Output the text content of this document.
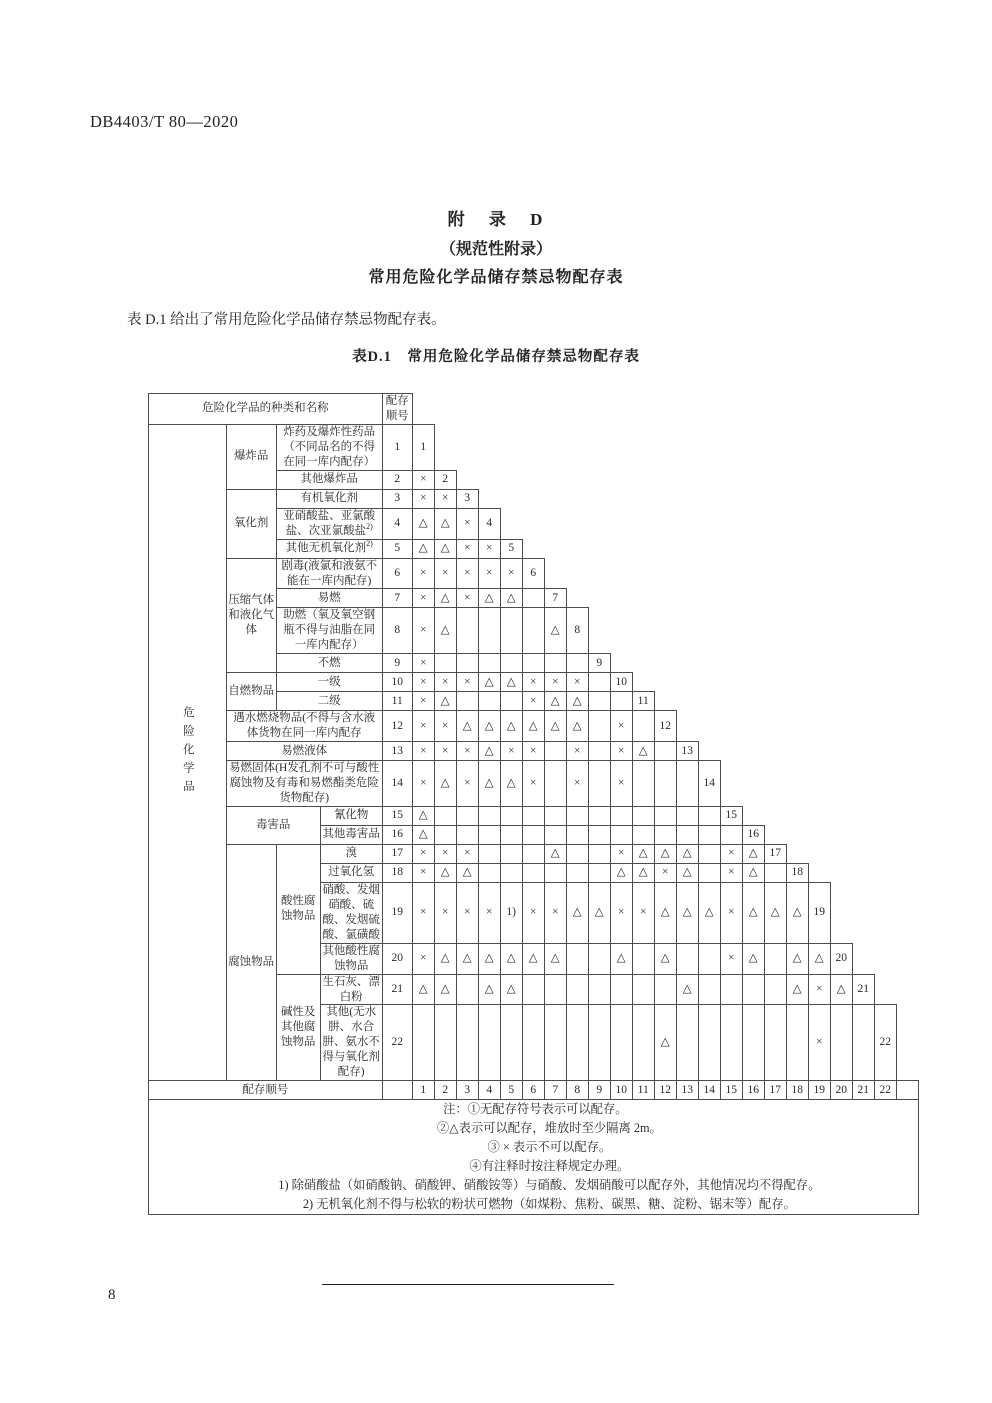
DB4403/T 80—2020
附 录 D
（规范性附录）
常用危险化学品储存禁忌物配存表
表 D.1 给出了常用危险化学品储存禁忌物配存表。
表D.1　常用危险化学品储存禁忌物配存表
危险化学品的种类和名称				配存顺号																							
危险化学品	爆炸品	炸药及爆炸性药品（不同品名的不得在同一库内配存）		1	1																						
		其他爆炸品		2	×	2																					
	氧化剂	有机氧化剂		3	×	×	3																				
		亚硝酸盐、亚氯酸盐、次亚氯酸盐$^{2)}$		4	△	△	×	4																			
		其他无机氧化剂$^{2)}$		5	△	△	×	×	5																		
	压缩气体和液化气体	剧毒(液氯和液氨不能在一库内配存)		6	×	×	×	×	×	6																	
		易燃		7	×	△	×	△	△		7																
		助燃（氧及氧空钢瓶不得与油脂在同一库内配存）		8	×	△					△	8															
		不燃		9	×								9														
	自燃物品	一级		10	×	×	×	△	△	×	×	×		10													
		二级		11	×	△				×	△	△			11												
	遇水燃烧物品(不得与含水液体货物在同一库内配存			12	×	×	△	△	△	△	△	△		×		12											
	易燃液体			13	×	×	×	△	×	×		×		×	△		13										
	易燃固体(H发孔剂不可与酸性腐蚀物及有毒和易燃酯类危险货物配存)			14	×	△	×	△	△	×		×		×				14									
	毒害品		氰化物	15	△														15								
			其他毒害品	16	△															16							
	腐蚀物品	酸性腐蚀物品	溴	17	×	×	×				△			×	△	△	△		×	△	17						
			过氧化氢	18	×	△	△							△	△	×	△		×	△		18					
			硝酸、发烟硝酸、硫酸、发烟硫酸、氯磺酸	19	×	×	×	×	1)	×	×	△	△	×	×	△	△	△	×	△	△	△	19				
			其他酸性腐蚀物品	20	×	△	△	△	△	△	△			△		△			×	△		△	△	20			
		碱性及其他腐蚀物品	生石灰、漂白粉	21	△	△		△	△								△					△	×	△	21		
			其他(无水肼、水合肼、氨水不得与氧化剂配存)	22												△							×			22	
配存顺号					1	2	3	4	5	6	7	8	9	10	11	12	13	14	15	16	17	18	19	20	21	22	

注：①无配存符号表示可以配存。
②△表示可以配存，堆放时至少隔离 2m。
③ × 表示不可以配存。
④有注释时按注释规定办理。
1) 除硝酸盐（如硝酸钠、硝酸钾、硝酸铵等）与硝酸、发烟硝酸可以配存外，其他情况均不得配存。
2) 无机氧化剂不得与松软的粉状可燃物（如煤粉、焦粉、碳黑、糖、淀粉、锯末等）配存。
8
